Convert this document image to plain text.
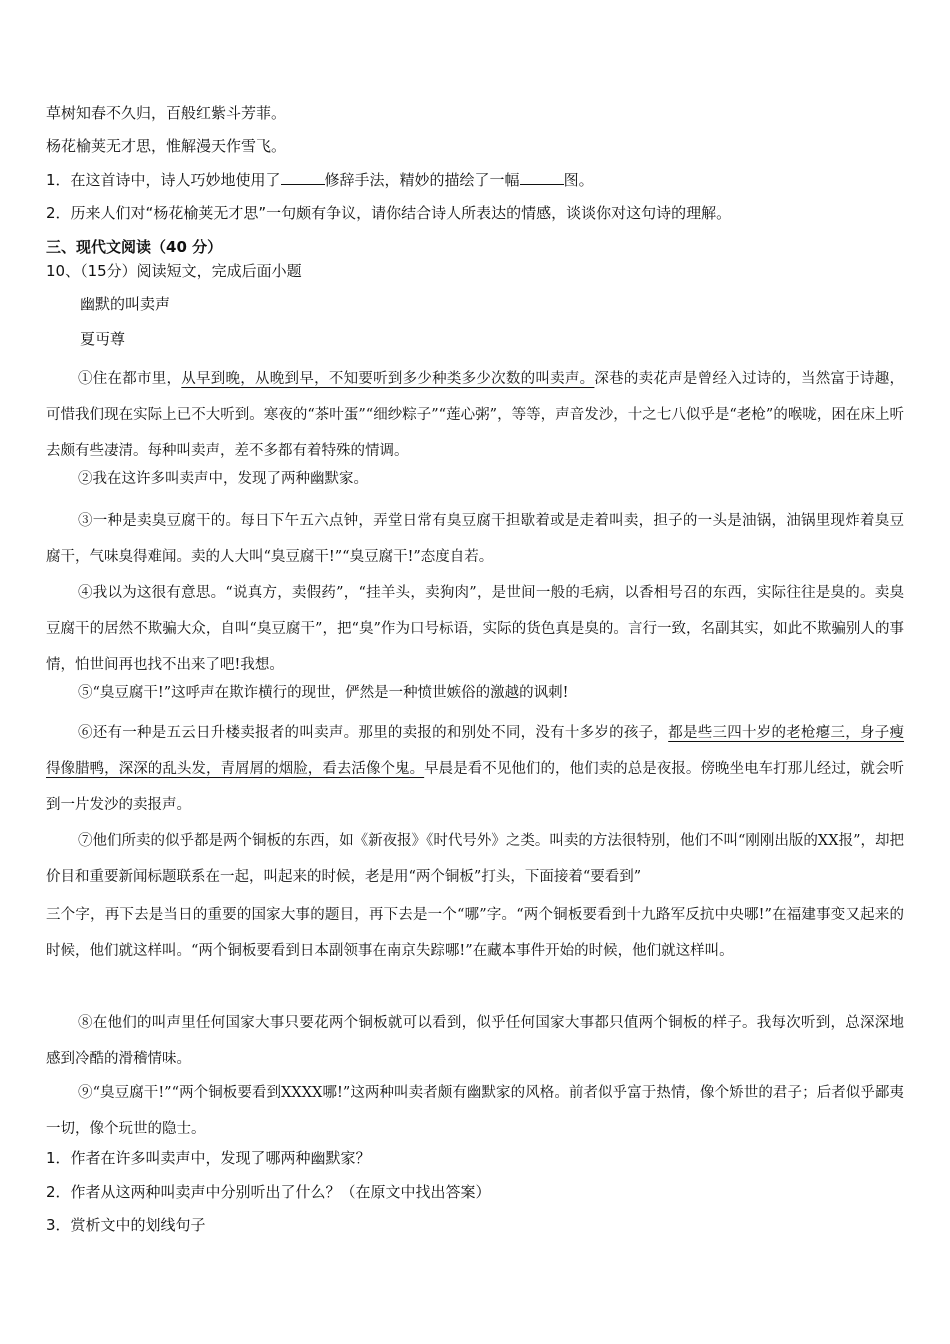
草树知春不久归，百般红紫斗芳菲。
杨花榆荚无才思，惟解漫天作雪飞。
1．在这首诗中，诗人巧妙地使用了	修辞手法，精妙的描绘了一幅	图。
2．历来人们对“杨花榆荚无才思”一句颇有争议，请你结合诗人所表达的情感，谈谈你对这句诗的理解。
三、现代文阅读（40 分）
10、（15分）阅读短文，完成后面小题
幽默的叫卖声
夏丏尊
①住在都市里，从早到晚，从晚到早，不知要听到多少种类多少次数的叫卖声。深巷的卖花声是曾经入过诗的，当然富于诗趣，可惜我们现在实际上已不大听到。寒夜的“茶叶蛋”“细纱粽子”“莲心粥”，等等，声音发沙，十之七八似乎是“老枪”的喉咙，困在床上听去颇有些凄清。每种叫卖声，差不多都有着特殊的情调。
②我在这许多叫卖声中，发现了两种幽默家。
③一种是卖臭豆腐干的。每日下午五六点钟，弄堂日常有臭豆腐干担歇着或是走着叫卖，担子的一头是油锅，油锅里现炸着臭豆腐干，气味臭得难闻。卖的人大叫“臭豆腐干!”“臭豆腐干!”态度自若。
④我以为这很有意思。“说真方，卖假药”，“挂羊头，卖狗肉”，是世间一般的毛病，以香相号召的东西，实际往往是臭的。卖臭豆腐干的居然不欺骗大众，自叫“臭豆腐干”，把“臭”作为口号标语，实际的货色真是臭的。言行一致，名副其实，如此不欺骗别人的事情，怕世间再也找不出来了吧!我想。
⑤“臭豆腐干!”这呼声在欺诈横行的现世，俨然是一种愤世嫉俗的激越的讽刺!
⑥还有一种是五云日升楼卖报者的叫卖声。那里的卖报的和别处不同，没有十多岁的孩子，都是些三四十岁的老枪瘪三，身子瘦得像腊鸭，深深的乱头发，青屑屑的烟脸，看去活像个鬼。早晨是看不见他们的，他们卖的总是夜报。傍晚坐电车打那儿经过，就会听到一片发沙的卖报声。
⑦他们所卖的似乎都是两个铜板的东西，如《新夜报》《时代号外》之类。叫卖的方法很特别，他们不叫“刚刚出版的XX报”，却把价目和重要新闻标题联系在一起，叫起来的时候，老是用“两个铜板”打头，下面接着“要看到”
三个字，再下去是当日的重要的国家大事的题目，再下去是一个“哪”字。“两个铜板要看到十九路军反抗中央哪!”在福建事变又起来的时候，他们就这样叫。“两个铜板要看到日本副领事在南京失踪哪!”在藏本事件开始的时候，他们就这样叫。
⑧在他们的叫声里任何国家大事只要花两个铜板就可以看到，似乎任何国家大事都只值两个铜板的样子。我每次听到，总深深地感到冷酷的滑稽情味。
⑨“臭豆腐干!”“两个铜板要看到XXXX哪!”这两种叫卖者颇有幽默家的风格。前者似乎富于热情，像个矫世的君子；后者似乎鄙夷一切，像个玩世的隐士。
1．作者在许多叫卖声中，发现了哪两种幽默家？
2．作者从这两种叫卖声中分别听出了什么？（在原文中找出答案）
3．赏析文中的划线句子
